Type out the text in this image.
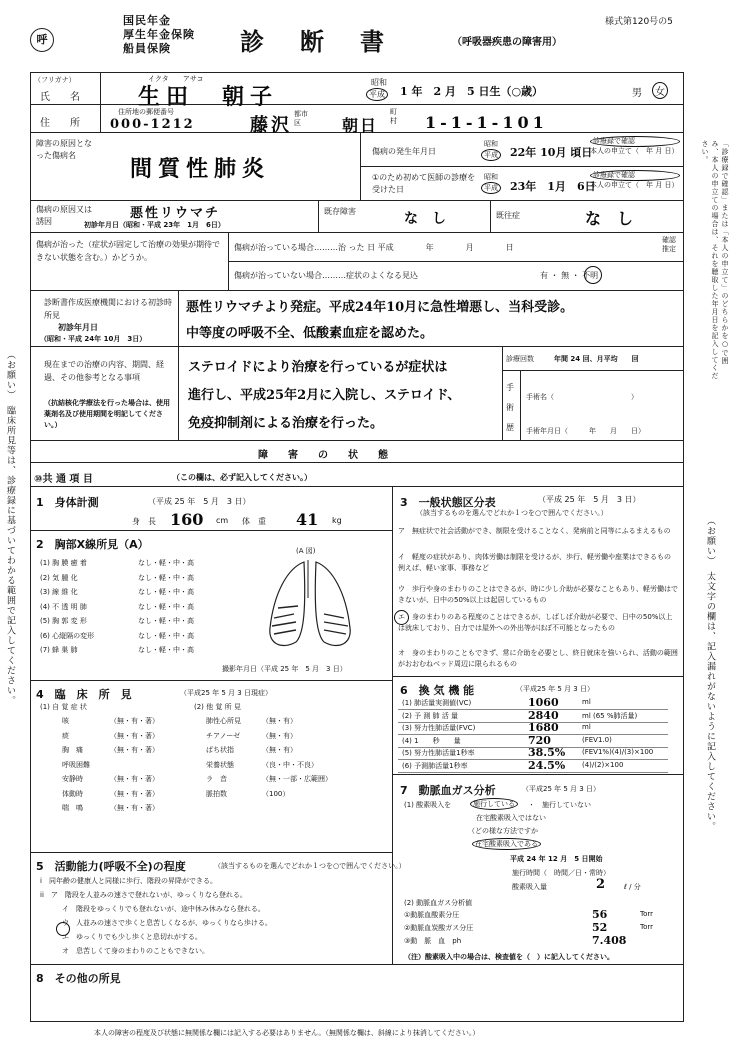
呼
国民年金
厚生年金保険
船員保険	診　断　書	（呼吸器疾患の障害用）
様式第120号の5
（フリガナ）
氏　　名
イクタ　　アサコ
生田　朝子
昭和
平成 1 年　2 月　5 日生（○歳）	男	女
住　　所
住所地の郵便番号
000-1212	藤沢
都市区	朝日
町村 1-1-1-101
障害の原因となった傷病名
間質性肺炎
傷病の発生年月日
昭和
平成 22年 10月 頃日
診療録で確認
本人の申立て（　年 月 日）
①のため初めて医師の診療を受けた日
昭和
平成 23年　1月　6日
診療録で確認
本人の申立て（　年 月 日）
傷病の原因又は誘因
悪性リウマチ
初診年月日（昭和・平成 23年　1月　6日）
既存障害	な　し	既往症	な　し
傷病が治った（症状が固定して治療の効果が期待できない状態を含む。）かどうか。
傷病が治っている場合………治 った 日 平成　　　　年　　　　月　　　　日
確認 推定
傷病が治っていない場合………症状のよくなる見込	有 ・ 無 ・ 不明
診断書作成医療機関における初診時所見
初診年月日
（昭和・平成 24年 10月　3日）
悪性リウマチより発症。平成24年10月に急性増悪し、当科受診。
中等度の呼吸不全、低酸素血症を認めた。
現在までの治療の内容、期間、経過、その他参考となる事項
（抗結核化学療法を行った場合は、使用薬剤名及び使用期間を明記してください。）
ステロイドにより治療を行っているが症状は
進行し、平成25年2月に入院し、ステロイド、
免疫抑制剤による治療を行った。
診療回数	年間 24 回、月平均　　回
手術歴
手術名（　　　　　　　　　　　）
手術年月日（　　　年　　月　　日）
障　　害　　の　　状　　態
⑩共 通 項 目	（この欄は、必ず記入してください。）
1　身体計測	（平成 25 年　5 月　3 日）
身　長 160 cm 体　重 41 kg
2　胸部X線所見（A）	(A 図)
(1) 胸 膜 癒 着	なし・軽・中・高
(2) 気 腫 化	なし・軽・中・高
(3) 線 維 化	なし・軽・中・高
(4) 不 透 明 肺	なし・軽・中・高
(5) 胸 郭 変 形	なし・軽・中・高
(6) 心縦隔の変形	なし・軽・中・高
(7) 蜂 巣 肺	なし・軽・中・高
撮影年月日（平成 25 年　5 月　3 日）
4　臨　床　所　見	（平成25 年 5 月 3 日現症）
(1) 自 覚 症 状	(2) 他 覚 所 見
咳	（無・有・著）
痰	（無・有・著）
胸　痛	（無・有・著）
呼吸困難
安静時	（無・有・著）
体動時	（無・有・著）
喘　鳴	（無・有・著）
肺性心所見	（無・有）
チアノーゼ	（無・有）
ばち状指	（無・有）
栄養状態	（良・中・不良）
ラ　音	（無・一部・広範囲）
脈拍数	（100）
3　一般状態区分表	（平成 25 年　5 月　3 日）
（該当するものを選んでどれか１つを○で囲んでください。）
ア　無症状で社会活動ができ、制限を受けることなく、発病前と同等にふるまえるもの
イ　軽度の症状があり、肉体労働は制限を受けるが、歩行、軽労働や座業はできるもの　例えば、軽い家事、事務など
ウ　歩行や身のまわりのことはできるが、時に少し介助が必要なこともあり、軽労働はできないが、日中の50%以上は起居しているもの
エ　身のまわりのある程度のことはできるが、しばしば介助が必要で、日中の50%以上は就床しており、自力では屋外への外出等がほぼ不可能となったもの
オ　身のまわりのこともできず、常に介助を必要とし、終日就床を強いられ、活動の範囲がおおむねベッド周辺に限られるもの
6　換 気 機 能	（平成25 年 5 月 3 日）
(1) 肺活量実測値(VC)	1060	ml
(2) 予 測 肺 活 量	2840	ml (65 %肺活量)
(3) 努力性肺活量(FVC)	1680	ml
(4) 1　　秒　　量	720	(FEV1.0)
(5) 努力性肺活量1秒率	38.5% (FEV1%)(4)/(3)×100
(6) 予測肺活量1秒率	24.5% (4)/(2)×100
7　動脈血ガス分析	（平成25 年 5 月 3 日）
(1) 酸素吸入を	施行している	・　施行していない
在宅酸素吸入ではない
（どの様な方法ですか
在宅酸素吸入である
平成 24 年 12 月　5 日開始
施行時間（　時間／日・常時）
酸素吸入量	2	ℓ / 分
(2) 動脈血ガス分析値
①動脈血酸素分圧	56	Torr
②動脈血炭酸ガス分圧	52	Torr
③動　脈　血　ph	7.408
（注）酸素吸入中の場合は、検査値を（　）に記入してください。
5　活動能力(呼吸不全)の程度	（該当するものを選んでどれか１つを○で囲んでください。）
i　同年齢の健康人と同様に歩行、階段の昇降ができる。
ii　ア　階段を人並みの速さで登れないが、ゆっくりなら登れる。
イ　階段をゆっくりでも登れないが、途中休み休みなら登れる。
ウ　人並みの速さで歩くと息苦しくなるが、ゆっくりなら歩ける。
エ　ゆっくりでも少し歩くと息切れがする。
オ　息苦しくて身のまわりのこともできない。
8　その他の所見
本人の障害の程度及び状態に無関係な欄には記入する必要はありません。（無関係な欄は、斜線により抹消してください。）
（お願い）　臨床所見等は、診療録に基づいてわかる範囲で記入してください。
「診療録で確認」または「本人の申立て」のどちらかを○で囲み、本人の申立ての場合は、それを聴取した年月日を記入してください。
（お願い）　太文字の欄は、記入漏れがないように記入してください。
